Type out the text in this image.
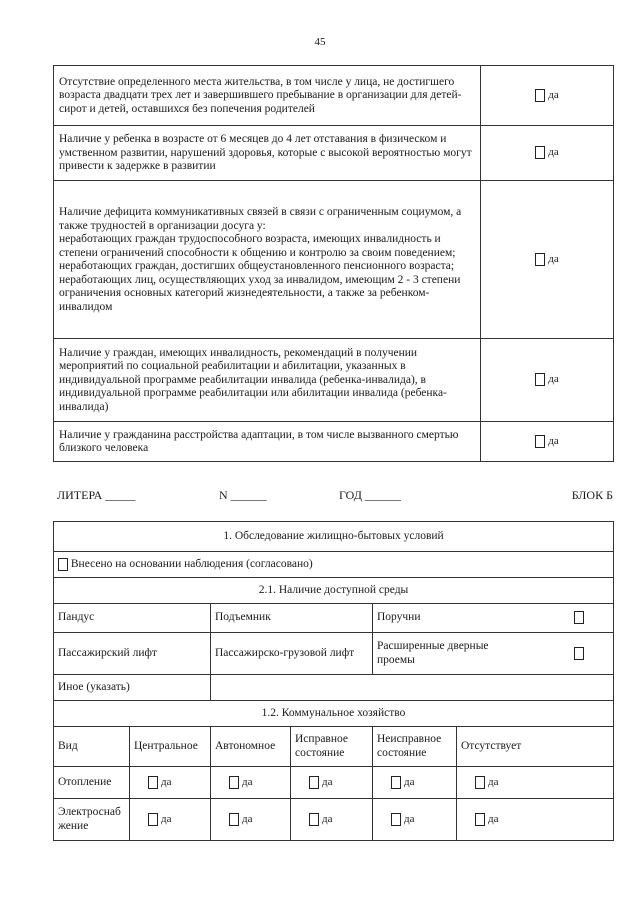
45
Отсутствие определенного места жительства, в том числе у лица, не достигшего возраста двадцати трех лет и завершившего пребывание в организации для детей-сирот и детей, оставшихся без попечения родителей	да
Наличие у ребенка в возрасте от 6 месяцев до 4 лет отставания в физическом и умственном развитии, нарушений здоровья, которые с высокой вероятностью могут привести к задержке в развитии	да
Наличие дефицита коммуникативных связей в связи с ограниченным социумом, а также трудностей в организации досуга у:
неработающих граждан трудоспособного возраста, имеющих инвалидность и степени ограничений способности к общению и контролю за своим поведением;
неработающих граждан, достигших общеустановленного пенсионного возраста;
неработающих лиц, осуществляющих уход за инвалидом, имеющим 2 - 3 степени ограничения основных категорий жизнедеятельности, а также за ребенком-инвалидом	да
Наличие у граждан, имеющих инвалидность, рекомендаций в получении мероприятий по социальной реабилитации и абилитации, указанных в индивидуальной программе реабилитации инвалида (ребенка-инвалида), в индивидуальной программе реабилитации или абилитации инвалида (ребенка-инвалида)	да
Наличие у гражданина расстройства адаптации, в том числе вызванного смертью близкого человека	да
ЛИТЕРА _____	N ______	ГОД ______	БЛОК Б
1. Обследование жилищно-бытовых условий						
Внесено на основании наблюдения (согласовано)						
2.1. Наличие доступной среды						
Пандус		Подъемник		Поручни		
Пассажирский лифт		Пассажирско-грузовой лифт		Расширенные дверные проемы		
Иное (указать)						
1.2. Коммунальное хозяйство						
Вид	Центральное	Автономное	Исправное состояние	Неисправное состояние	Отсутствует	
Отопление	да	да	да	да	да	
Электроснаб жение	да	да	да	да	да	
